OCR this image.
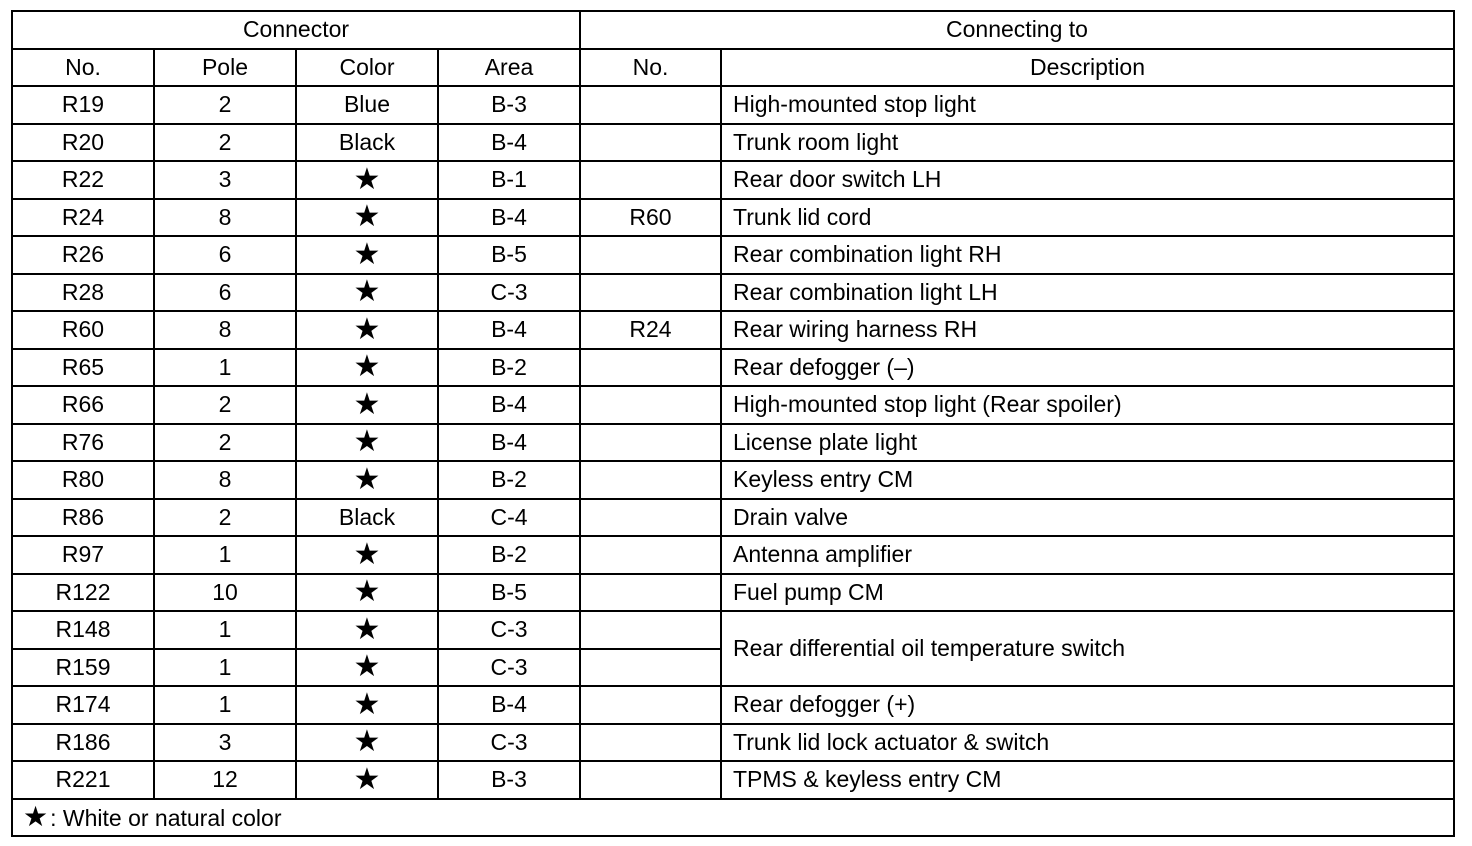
Connector				Connecting to	
No.	Pole	Color	Area	No.	Description
R19	2	Blue	B-3		High-mounted stop light
R20	2	Black	B-4		Trunk room light
R22	3	★	B-1		Rear door switch LH
R24	8	★	B-4	R60	Trunk lid cord
R26	6	★	B-5		Rear combination light RH
R28	6	★	C-3		Rear combination light LH
R60	8	★	B-4	R24	Rear wiring harness RH
R65	1	★	B-2		Rear defogger (–)
R66	2	★	B-4		High-mounted stop light (Rear spoiler)
R76	2	★	B-4		License plate light
R80	8	★	B-2		Keyless entry CM
R86	2	Black	C-4		Drain valve
R97	1	★	B-2		Antenna amplifier
R122	10	★	B-5		Fuel pump CM
R148	1	★	C-3		Rear differential oil temperature switch
R159	1	★	C-3		
R174	1	★	B-4		Rear defogger (+)
R186	3	★	C-3		Trunk lid lock actuator & switch
R221	12	★	B-3		TPMS & keyless entry CM
★: White or natural color					
